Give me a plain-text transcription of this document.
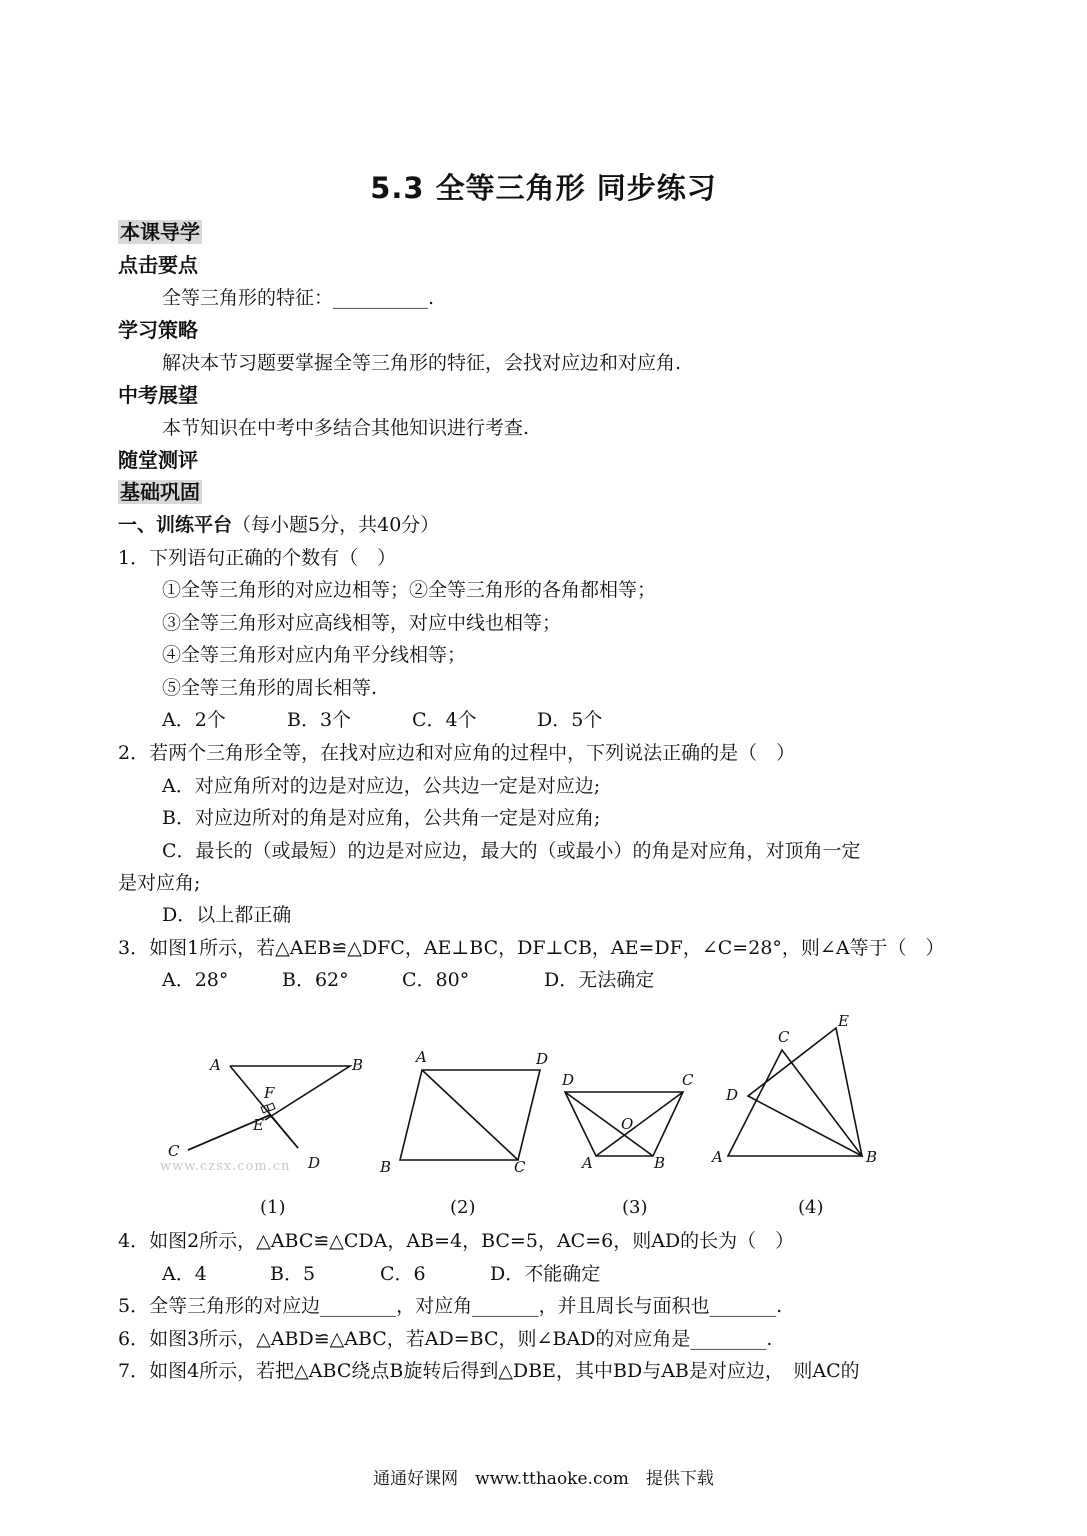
5.3 全等三角形 同步练习
本课导学
点击要点
全等三角形的特征：__________.
学习策略
解决本节习题要掌握全等三角形的特征，会找对应边和对应角.
中考展望
本节知识在中考中多结合其他知识进行考查.
随堂测评
基础巩固
一、训练平台（每小题5分，共40分）
1．下列语句正确的个数有（　）
①全等三角形的对应边相等；②全等三角形的各角都相等；
③全等三角形对应高线相等，对应中线也相等；
④全等三角形对应内角平分线相等；
⑤全等三角形的周长相等.
A．2个	B．3个	C．4个	D．5个
2．若两个三角形全等，在找对应边和对应角的过程中，下列说法正确的是（　）
A．对应角所对的边是对应边，公共边一定是对应边;
B．对应边所对的角是对应角，公共角一定是对应角;
C．最长的（或最短）的边是对应边，最大的（或最小）的角是对应角，对顶角一定
是对应角;
D．以上都正确
3．如图1所示，若△AEB≌△DFC，AE⊥BC，DF⊥CB，AE=DF，∠C=28°，则∠A等于（　）
A．28°	B．62°	C．80°	D．无法确定
A	B
F
E
C
D
www.czsx.com.cn
A	D
B	C
D	C
O
A	B
C
E
D
A	B
(1)	(2)	(3)	(4)
4．如图2所示，△ABC≌△CDA，AB=4，BC=5，AC=6，则AD的长为（　）
A．4	B．5	C．6	D．不能确定
5．全等三角形的对应边________，对应角_______，并且周长与面积也_______.
6．如图3所示，△ABD≌△ABC，若AD=BC，则∠BAD的对应角是________.
7．如图4所示，若把△ABC绕点B旋转后得到△DBE，其中BD与AB是对应边，　则AC的
通通好课网　www.tthaoke.com　提供下载
